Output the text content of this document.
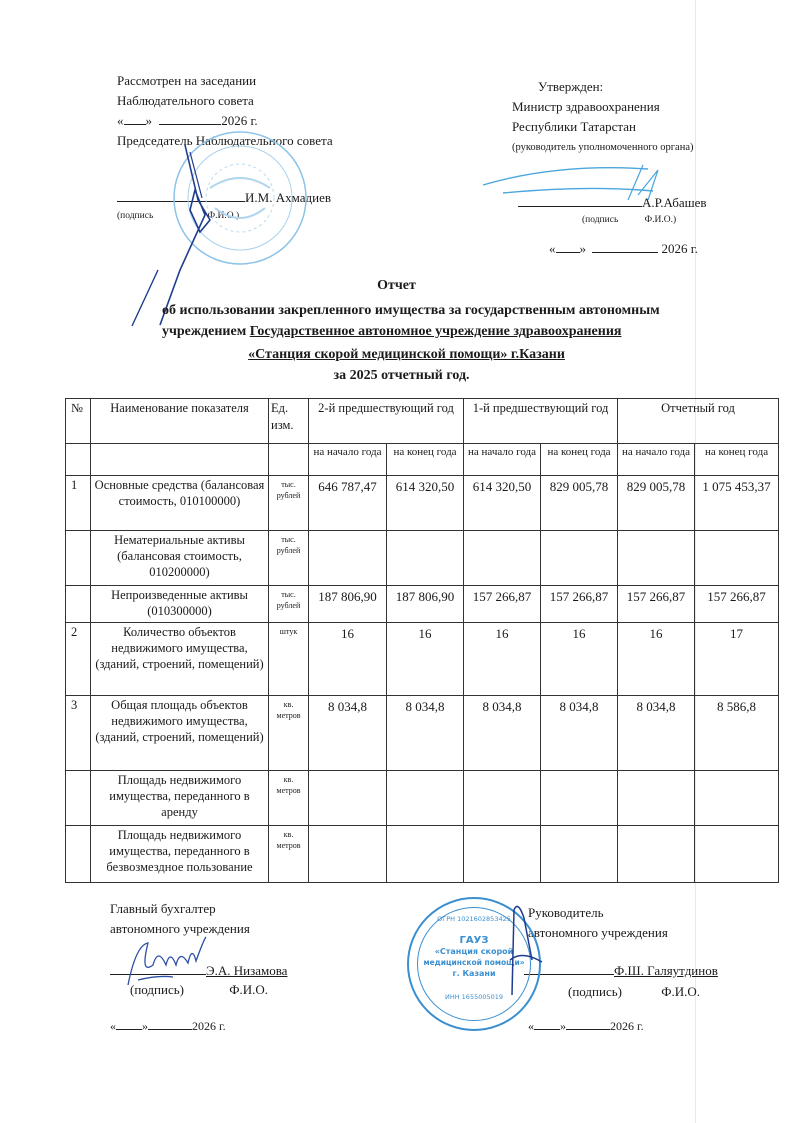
Рассмотрен на заседании
Наблюдательного совета
« »	2026 г.
Председатель Наблюдательного совета
И.М. Ахмадиев
(подпись	Ф.И.О.)
Утвержден:
Министр здравоохранения
Республики Татарстан
(руководитель уполномоченного органа)
А.Р.Абашев
(подпись	Ф.И.О.)
« »	2026 г.
Отчет
об использовании закрепленного имущества за государственным автономным
учреждением Государственное автономное учреждение здравоохранения
«Станция скорой медицинской помощи» г.Казани
за 2025 отчетный год.
№	Наименование показателя	Ед. изм.	2-й предшествующий год		1-й предшествующий год		Отчетный год	
			на начало года	на конец года	на начало года	на конец года	на начало года	на конец года
1	Основные средства (балансовая стоимость, 010100000)	тыс. рублей	646 787,47	614 320,50	614 320,50	829 005,78	829 005,78	1 075 453,37
	Нематериальные активы (балансовая стоимость, 010200000)	тыс. рублей						
	Непроизведенные активы (010300000)	тыс. рублей	187 806,90	187 806,90	157 266,87	157 266,87	157 266,87	157 266,87
2	Количество объектов недвижимого имущества, (зданий, строений, помещений)	штук	16	16	16	16	16	17
3	Общая площадь объектов недвижимого имущества, (зданий, строений, помещений)	кв. метров	8 034,8	8 034,8	8 034,8	8 034,8	8 034,8	8 586,8
	Площадь недвижимого имущества, переданного в аренду	кв. метров						
	Площадь недвижимого имущества, переданного в безвозмездное пользование	кв. метров						
Главный бухгалтер
автономного учреждения
Э.А. Низамова
(подпись)	Ф.И.О.
« »	2026 г.
Руководитель
автономного учреждения
Ф.Ш. Галяутдинов
(подпись)	Ф.И.О.
« »	2026 г.
ОГРН 1021602853425
ГАУЗ
«Станция скорой
медицинской помощи»
г. Казани
ИНН 1655005019
